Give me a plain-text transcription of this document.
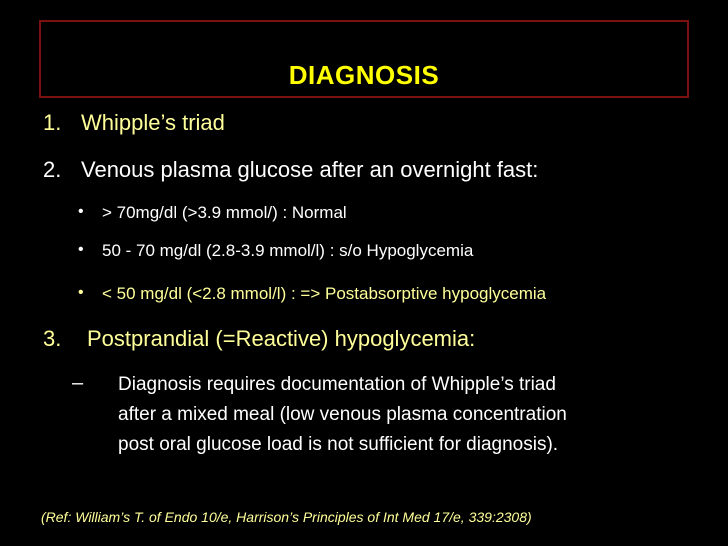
DIAGNOSIS
1. Whipple’s triad
2. Venous plasma glucose after an overnight fast:
• > 70mg/dl (>3.9 mmol/) : Normal
• 50 - 70 mg/dl (2.8-3.9 mmol/l) : s/o Hypoglycemia
• < 50 mg/dl (<2.8 mmol/l) : => Postabsorptive hypoglycemia
3. Postprandial (=Reactive) hypoglycemia:
– Diagnosis requires documentation of Whipple’s triad
after a mixed meal (low venous plasma concentration
post oral glucose load is not sufficient for diagnosis).
(Ref: William’s T. of Endo 10/e, Harrison’s Principles of Int Med 17/e, 339:2308)
